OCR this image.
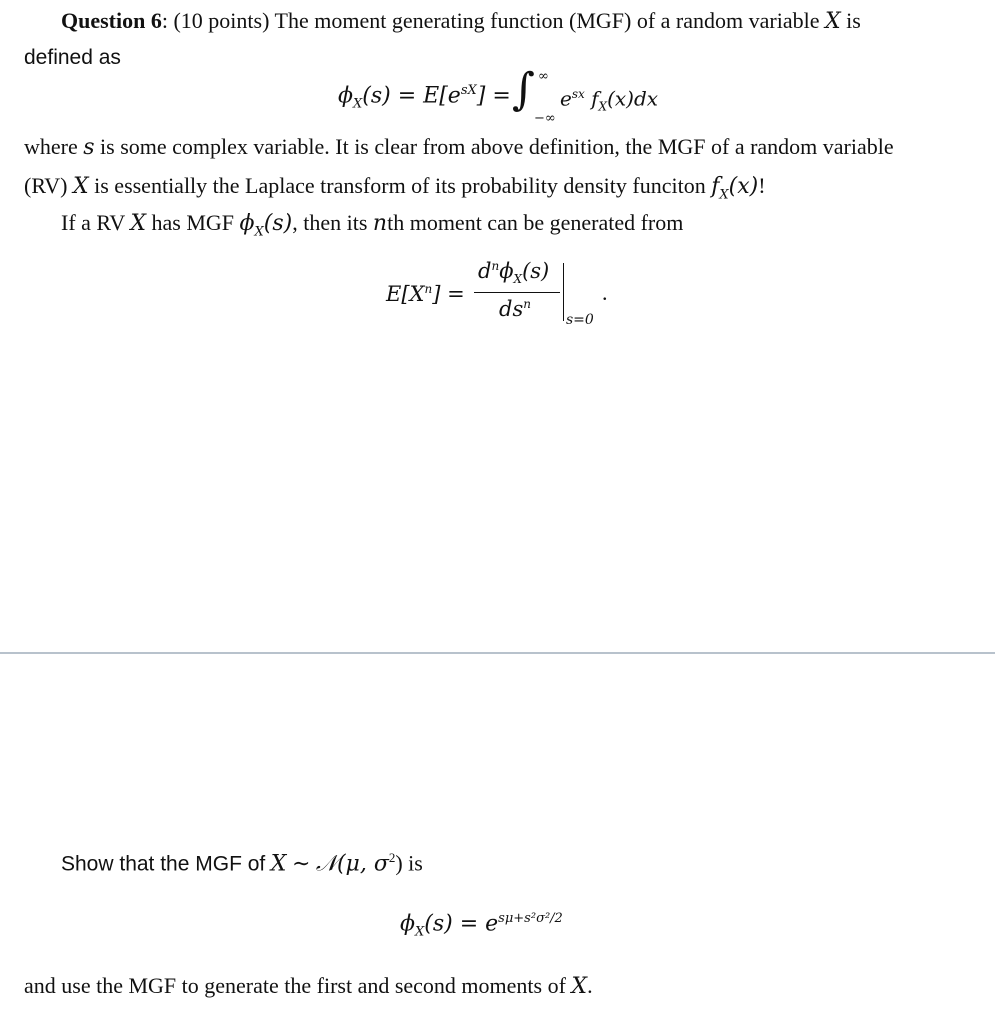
Question 6: (10 points) The moment generating function (MGF) of a random variable X is
defined as
$\phi_X(s) = E[e^{sX}]$ = ∫ ∞
−∞
$e^{sx}$ $f_X(x)dx$
where s is some complex variable. It is clear from above definition, the MGF of a random variable
(RV) X is essentially the Laplace transform of its probability density funciton $f_X(x)$!
If a RV X has MGF $\phi_X(s)$, then its nth moment can be generated from
$E[X^n]$ =
$d^n\phi_X(s)$
$ds^n$
s=0
.
Show that the MGF of X ∼ 𝒩(μ, $\sigma^2$) is
$\phi_X(s) = e^{s\mu+s^2\sigma^2/2}$
and use the MGF to generate the first and second moments of X.
